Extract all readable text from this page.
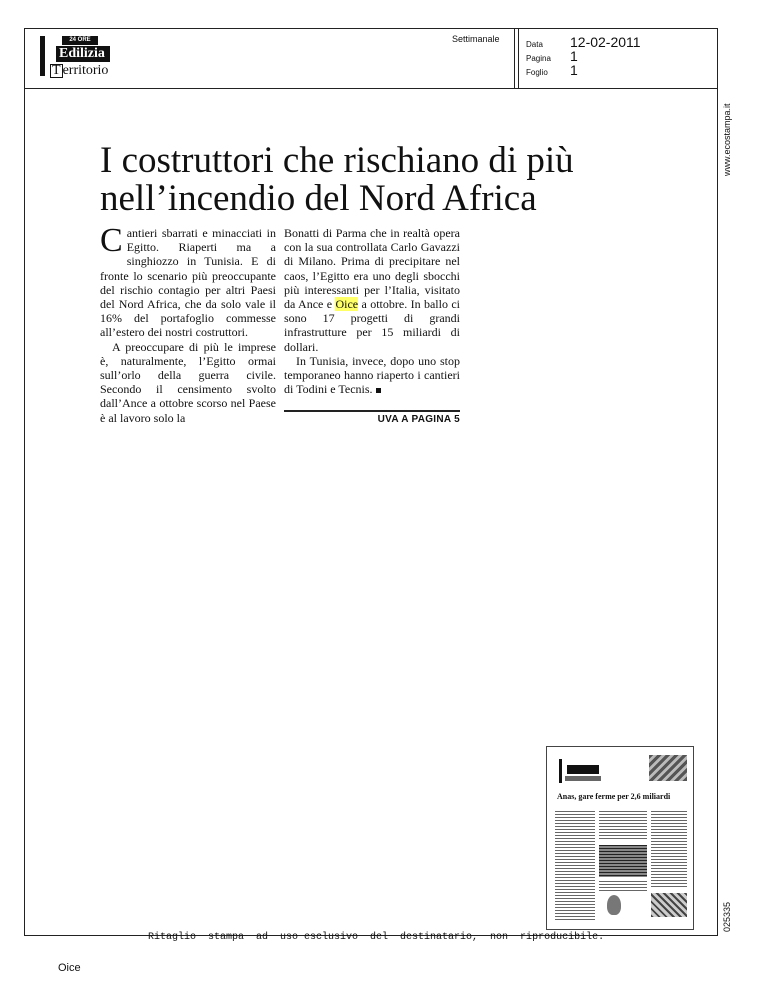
24 ORE
Edilizia
T erritorio
Settimanale
Data	12-02-2011
Pagina	1
Foglio	1
www.ecostampa.it
025335
I costruttori che rischiano di più
nell’incendio del Nord Africa

Cantieri sbarrati e minacciati in Egitto. Riaperti ma a singhiozzo in Tunisia. E di fronte lo scenario più preoccupante del rischio contagio per altri Paesi del Nord Africa, che da solo vale il 16% del portafoglio commesse all’estero dei nostri costruttori.

A preoccupare di più le imprese è, naturalmente, l’Egitto ormai sull’orlo della guerra civile. Secondo il censimento svolto dall’Ance a ottobre scorso nel Paese è al lavoro solo la

Bonatti di Parma che in realtà opera con la sua controllata Carlo Gavazzi di Milano. Prima di precipitare nel caos, l’Egitto era uno degli sbocchi più interessanti per l’Italia, visitato da Ance e Oice a ottobre. In ballo ci sono 17 progetti di grandi infrastrutture per 15 miliardi di dollari.

In Tunisia, invece, dopo uno stop temporaneo hanno riaperto i cantieri di Todini e Tecnis.

UVA A PAGINA 5
Anas, gare ferme per 2,6 miliardi
Ritaglio  stampa  ad  uso esclusivo  del  destinatario,  non  riproducibile.
Oice
